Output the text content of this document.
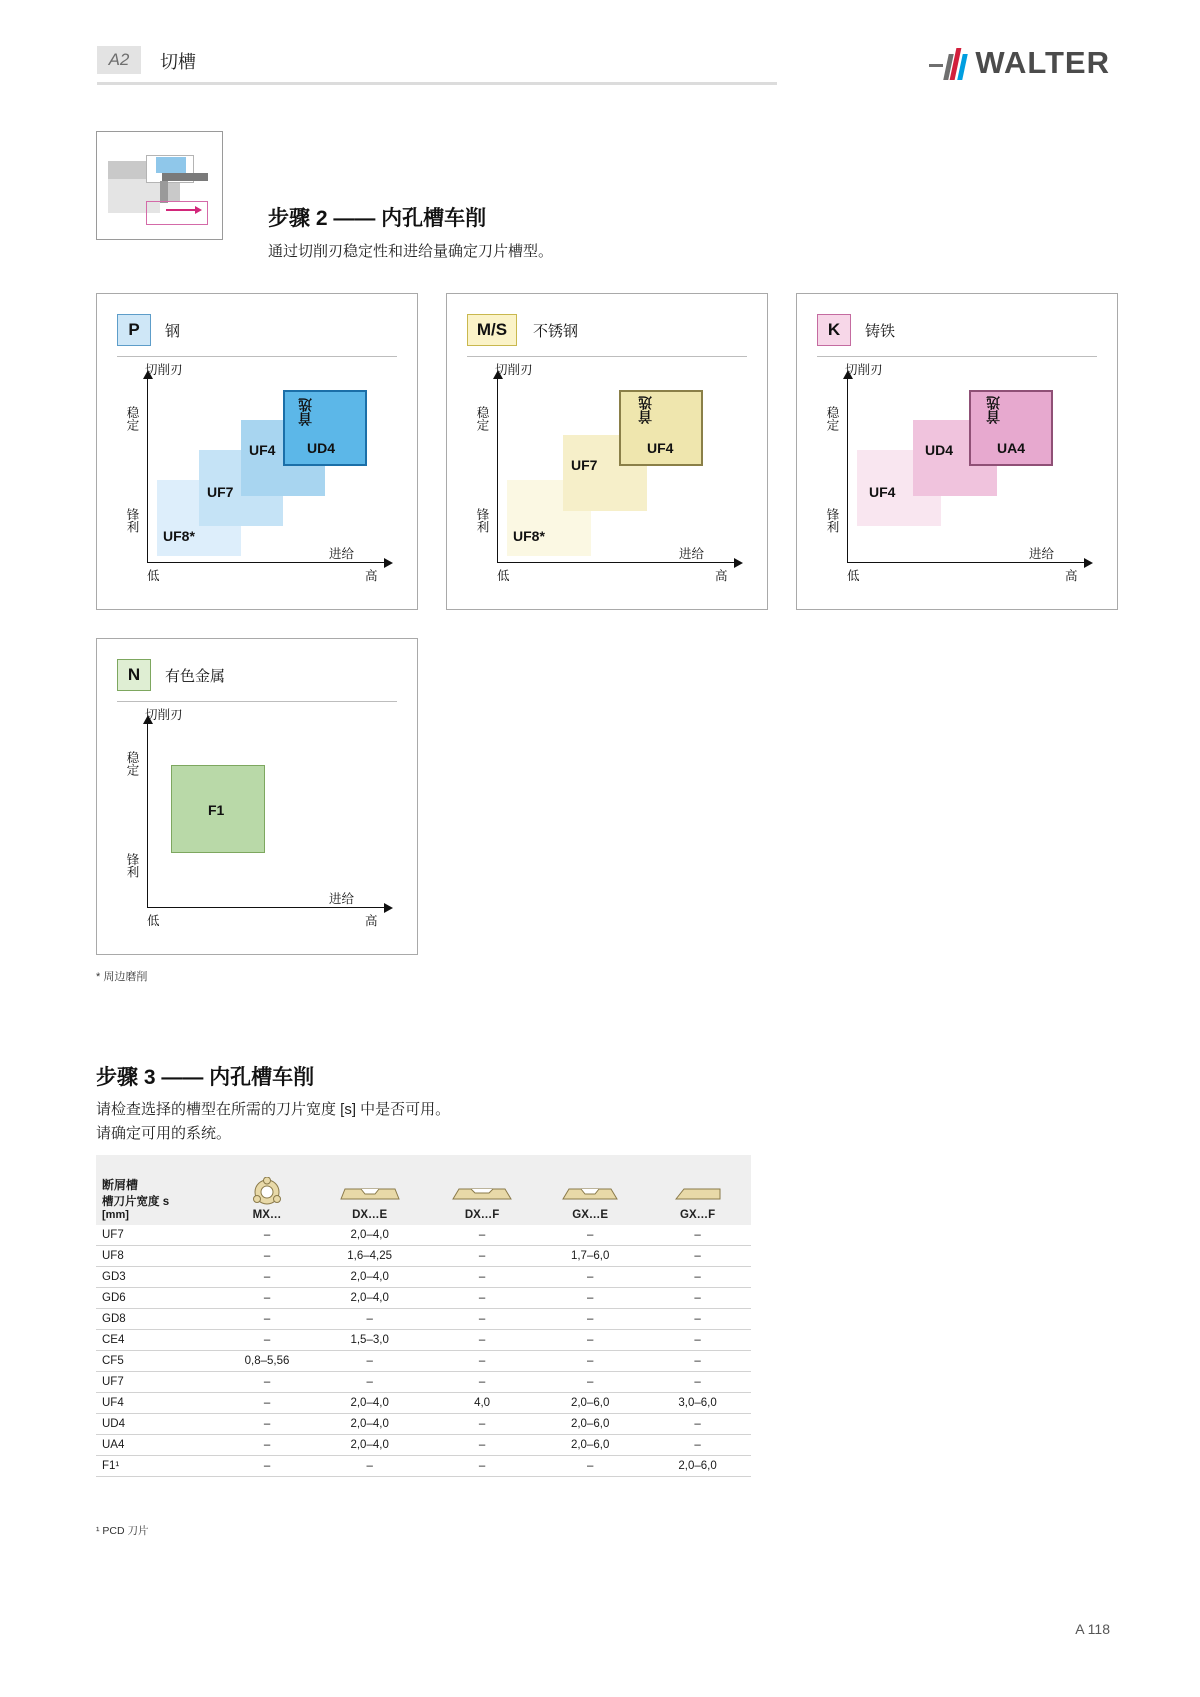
A2	切槽	WALTER
步骤 2 —— 内孔槽车削
通过切削刃稳定性和进给量确定刀片槽型。
P	钢
切削刃
稳定
锋利
进给
低	高
UF8*
UF7
UF4 UD4
首选
M/S	不锈钢
切削刃
稳定
锋利
进给
低	高
UF8*
UF7
UF4
首选
K	铸铁
切削刃
稳定
锋利
进给
低	高
UF4
UD4	UA4
首选
N	有色金属
切削刃
稳定
锋利
进给
低	高
F1
* 周边磨削
步骤 3 —— 内孔槽车削
请检查选择的槽型在所需的刀片宽度 [s] 中是否可用。
请确定可用的系统。
断屑槽
槽刀片宽度 s
[mm]	MX…	DX…E	DX…F	GX…E	GX…F

UF7	–	2,0–4,0	–	–	–
UF8	–	1,6–4,25	–	1,7–6,0	–
GD3	–	2,0–4,0	–	–	–
GD6	–	2,0–4,0	–	–	–
GD8	–	–	–	–	–
CE4	–	1,5–3,0	–	–	–
CF5	0,8–5,56	–	–	–	–
UF7	–	–	–	–	–
UF4	–	2,0–4,0	4,0	2,0–6,0	3,0–6,0
UD4	–	2,0–4,0	–	2,0–6,0	–
UA4	–	2,0–4,0	–	2,0–6,0	–
F1¹	–	–	–	–	2,0–6,0
¹ PCD 刀片
A 118
